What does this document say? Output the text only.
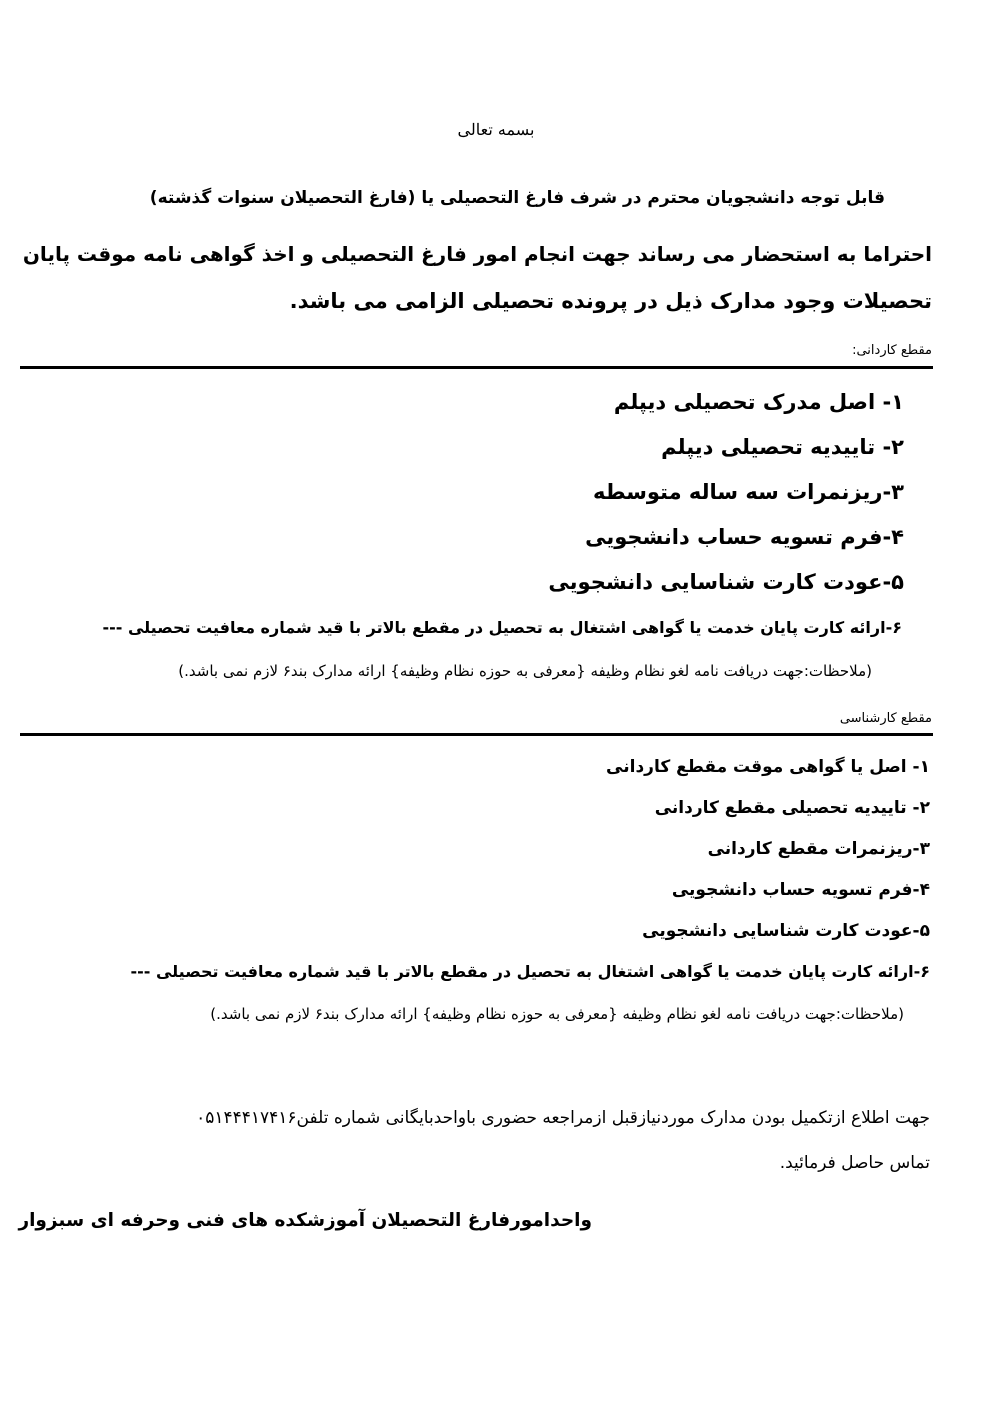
بسمه تعالی
قابل توجه دانشجویان محترم در شرف فارغ التحصیلی یا (فارغ التحصیلان سنوات گذشته)
احتراما به استحضار می رساند جهت انجام امور فارغ التحصیلی و اخذ گواهی نامه موقت پایان
تحصیلات وجود مدارک ذیل در پرونده تحصیلی الزامی می باشد.
مقطع کاردانی:
۱- اصل مدرک تحصیلی دیپلم
۲- تاییدیه تحصیلی دیپلم
۳-ریزنمرات سه ساله متوسطه
۴-فرم تسویه حساب دانشجویی
۵-عودت کارت شناسایی دانشجویی
۶-ارائه کارت پایان خدمت یا گواهی اشتغال به تحصیل در مقطع بالاتر با قید شماره معافیت تحصیلی ---
(ملاحظات:جهت دریافت نامه لغو نظام وظیفه {معرفی به حوزه نظام وظیفه} ارائه مدارک بند۶ لازم نمی باشد.)
مقطع کارشناسی
۱- اصل یا گواهی موقت مقطع کاردانی
۲- تاییدیه تحصیلی مقطع کاردانی
۳-ریزنمرات مقطع کاردانی
۴-فرم تسویه حساب دانشجویی
۵-عودت کارت شناسایی دانشجویی
۶-ارائه کارت پایان خدمت یا گواهی اشتغال به تحصیل در مقطع بالاتر با قید شماره معافیت تحصیلی ---
(ملاحظات:جهت دریافت نامه لغو نظام وظیفه {معرفی به حوزه نظام وظیفه} ارائه مدارک بند۶ لازم نمی باشد.)
جهت اطلاع ازتکمیل بودن مدارک موردنیازقبل ازمراجعه حضوری باواحدبایگانی شماره تلفن۰۵۱۴۴۴۱۷۴۱۶
تماس حاصل فرمائید.
واحدامورفارغ التحصیلان آموزشکده های فنی وحرفه ای سبزوار
